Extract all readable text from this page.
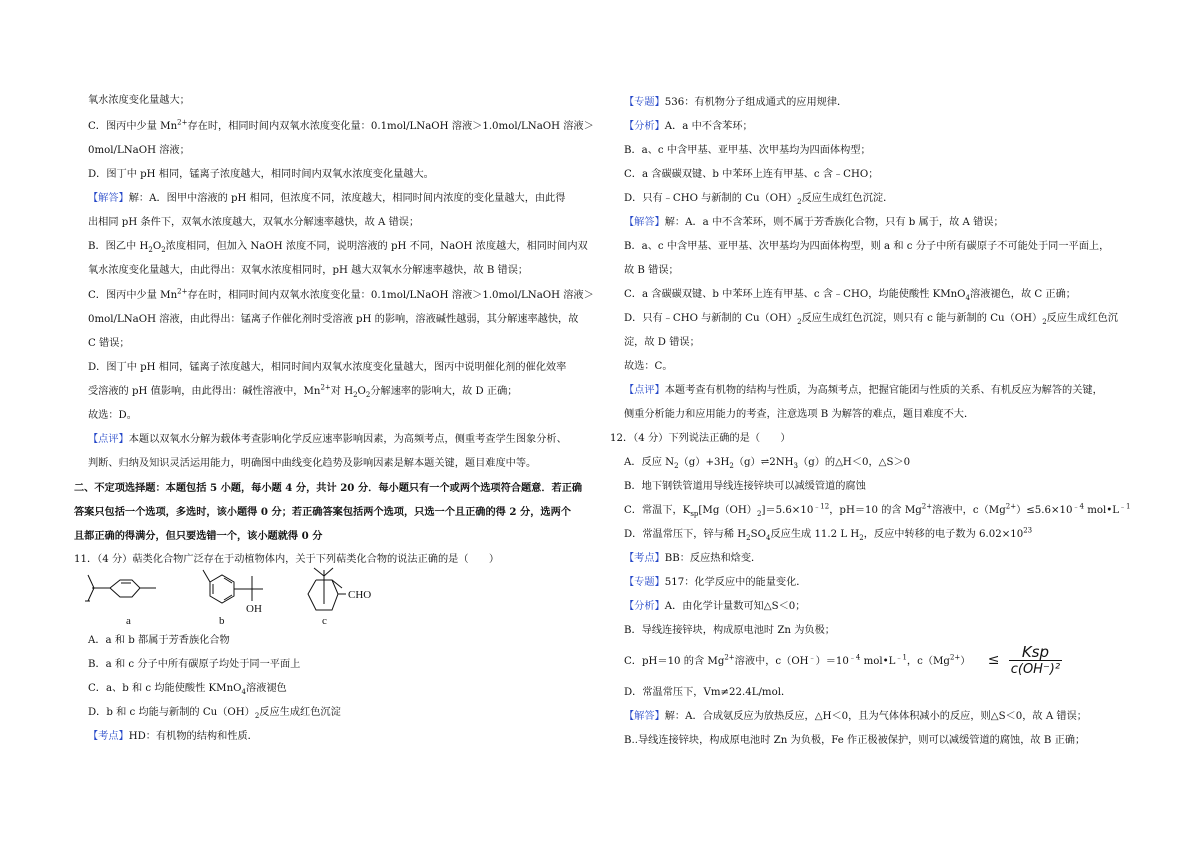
氧水浓度变化量越大；
C．图丙中少量 $Mn^{2+}$存在时，相同时间内双氧水浓度变化量：0.1mol/LNaOH 溶液＞1.0mol/LNaOH 溶液＞
0mol/LNaOH 溶液；
D．图丁中 pH 相同，锰离子浓度越大，相同时间内双氧水浓度变化量越大。
【解答】解：A．图甲中溶液的 pH 相同，但浓度不同，浓度越大，相同时间内浓度的变化量越大，由此得
出相同 pH 条件下，双氧水浓度越大，双氧水分解速率越快，故 A 错误；
B．图乙中 $H_2O_2$浓度相同，但加入 NaOH 浓度不同，说明溶液的 pH 不同，NaOH 浓度越大，相同时间内双
氧水浓度变化量越大，由此得出：双氧水浓度相同时，pH 越大双氧水分解速率越快，故 B 错误；
C．图丙中少量 $Mn^{2+}$存在时，相同时间内双氧水浓度变化量：0.1mol/LNaOH 溶液＞1.0mol/LNaOH 溶液＞
0mol/LNaOH 溶液，由此得出：锰离子作催化剂时受溶液 pH 的影响，溶液碱性越弱，其分解速率越快，故
C 错误；
D．图丁中 pH 相同，锰离子浓度越大，相同时间内双氧水浓度变化量越大，图丙中说明催化剂的催化效率
受溶液的 pH 值影响，由此得出：碱性溶液中，$Mn^{2+}$对 $H_2O_2$分解速率的影响大，故 D 正确；
故选：D。
【点评】本题以双氧水分解为载体考查影响化学反应速率影响因素，为高频考点，侧重考查学生图象分析、
判断、归纳及知识灵活运用能力，明确图中曲线变化趋势及影响因素是解本题关键，题目难度中等。
二、不定项选择题：本题包括 5 小题，每小题 4 分，共计 20 分．每小题只有一个或两个选项符合题意．若正确
答案只包括一个选项，多选时，该小题得 0 分；若正确答案包括两个选项，只选一个且正确的得 2 分，选两个
且都正确的得满分，但只要选错一个，该小题就得 0 分
11．（4 分）萜类化合物广泛存在于动植物体内，关于下列萜类化合物的说法正确的是（　　）
OH
CHO
a	b	c
A．a 和 b 都属于芳香族化合物
B．a 和 c 分子中所有碳原子均处于同一平面上
C．a、b 和 c 均能使酸性 KMnO$_4$溶液褪色
D．b 和 c 均能与新制的 $Cu(OH)_2$反应生成红色沉淀
【考点】HD：有机物的结构和性质．
【专题】536：有机物分子组成通式的应用规律．
【分析】A．a 中不含苯环；
B．a、c 中含甲基、亚甲基、次甲基均为四面体构型；
C．a 含碳碳双键、b 中苯环上连有甲基、c 含﹣CHO；
D．只有﹣CHO 与新制的 $Cu(OH)_2$反应生成红色沉淀．
【解答】解：A．a 中不含苯环，则不属于芳香族化合物，只有 b 属于，故 A 错误；
B．a、c 中含甲基、亚甲基、次甲基均为四面体构型，则 a 和 c 分子中所有碳原子不可能处于同一平面上，
故 B 错误；
C．a 含碳碳双键、b 中苯环上连有甲基、c 含﹣CHO，均能使酸性 KMnO$_4$溶液褪色，故 C 正确；
D．只有﹣CHO 与新制的 $Cu(OH)_2$反应生成红色沉淀，则只有 c 能与新制的 $Cu(OH)_2$反应生成红色沉
淀，故 D 错误；
故选：C。
【点评】本题考查有机物的结构与性质，为高频考点，把握官能团与性质的关系、有机反应为解答的关键，
侧重分析能力和应用能力的考查，注意选项 B 为解答的难点，题目难度不大．
12．（4 分）下列说法正确的是（　　）
A．反应 $N_2(g)+3H_2(g)\rightleftharpoons 2NH_3(g)$的△H＜0，△S＞0
B．地下钢铁管道用导线连接锌块可以减缓管道的腐蚀
C．常温下，$K_{sp}[Mg(OH)_2]=5.6\times 10^{﹣12}$，pH＝10 的含 $Mg^{2+}$溶液中，$c(Mg^{2+})\le 5.6\times 10^{﹣4}$ $mol•L^{﹣1}$
D．常温常压下，锌与稀 $H_2SO_4$反应生成 11.2 L $H_2$，反应中转移的电子数为 $6.02\times 10^{23}$
【考点】BB：反应热和焓变．
【专题】517：化学反应中的能量变化．
【分析】A．由化学计量数可知△S＜0；
B．导线连接锌块，构成原电池时 Zn 为负极；
C．pH＝10 的含 $Mg^{2+}$溶液中，$c(OH^﹣)=10^{﹣4}$ $mol•L^{﹣1}$，$c(Mg^{2+}) \le \frac{\text{Ksp}}{\text{c(OH⁻)²}}$
D．常温常压下，Vm≠22.4L/mol．
【解答】解：A．合成氨反应为放热反应，△H＜0，且为气体体积减小的反应，则△S＜0，故 A 错误；
B..导线连接锌块，构成原电池时 Zn 为负极，Fe 作正极被保护，则可以减缓管道的腐蚀，故 B 正确；
